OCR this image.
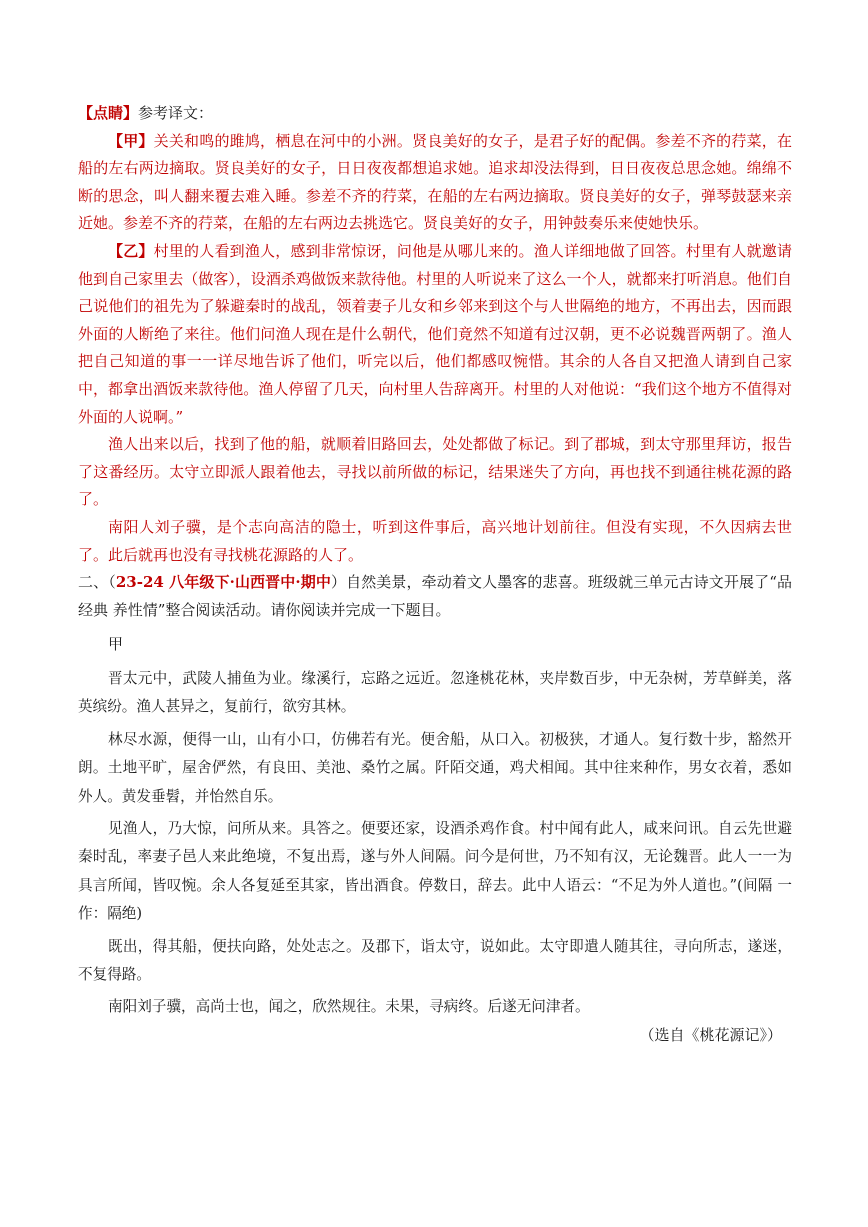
【点睛】参考译文：

【甲】关关和鸣的雎鸠，栖息在河中的小洲。贤良美好的女子，是君子好的配偶。参差不齐的荇菜，在船的左右两边摘取。贤良美好的女子，日日夜夜都想追求她。追求却没法得到，日日夜夜总思念她。绵绵不断的思念，叫人翻来覆去难入睡。参差不齐的荇菜，在船的左右两边摘取。贤良美好的女子，弹琴鼓瑟来亲近她。参差不齐的荇菜，在船的左右两边去挑选它。贤良美好的女子，用钟鼓奏乐来使她快乐。

【乙】村里的人看到渔人，感到非常惊讶，问他是从哪儿来的。渔人详细地做了回答。村里有人就邀请他到自己家里去（做客），设酒杀鸡做饭来款待他。村里的人听说来了这么一个人，就都来打听消息。他们自己说他们的祖先为了躲避秦时的战乱，领着妻子儿女和乡邻来到这个与人世隔绝的地方，不再出去，因而跟外面的人断绝了来往。他们问渔人现在是什么朝代，他们竟然不知道有过汉朝，更不必说魏晋两朝了。渔人把自己知道的事一一详尽地告诉了他们，听完以后，他们都感叹惋惜。其余的人各自又把渔人请到自己家中，都拿出酒饭来款待他。渔人停留了几天，向村里人告辞离开。村里的人对他说：“我们这个地方不值得对外面的人说啊。”

渔人出来以后，找到了他的船，就顺着旧路回去，处处都做了标记。到了郡城，到太守那里拜访，报告了这番经历。太守立即派人跟着他去，寻找以前所做的标记，结果迷失了方向，再也找不到通往桃花源的路了。

南阳人刘子骥，是个志向高洁的隐士，听到这件事后，高兴地计划前往。但没有实现，不久因病去世了。此后就再也没有寻找桃花源路的人了。

二、（23-24 八年级下·山西晋中·期中）自然美景，牵动着文人墨客的悲喜。班级就三单元古诗文开展了“品经典 养性情”整合阅读活动。请你阅读并完成一下题目。

甲

晋太元中，武陵人捕鱼为业。缘溪行，忘路之远近。忽逢桃花林，夹岸数百步，中无杂树，芳草鲜美，落英缤纷。渔人甚异之，复前行，欲穷其林。

林尽水源，便得一山，山有小口，仿佛若有光。便舍船，从口入。初极狭，才通人。复行数十步，豁然开朗。土地平旷，屋舍俨然，有良田、美池、桑竹之属。阡陌交通，鸡犬相闻。其中往来种作，男女衣着，悉如外人。黄发垂髫，并怡然自乐。

见渔人，乃大惊，问所从来。具答之。便要还家，设酒杀鸡作食。村中闻有此人，咸来问讯。自云先世避秦时乱，率妻子邑人来此绝境，不复出焉，遂与外人间隔。问今是何世，乃不知有汉，无论魏晋。此人一一为具言所闻，皆叹惋。余人各复延至其家，皆出酒食。停数日，辞去。此中人语云：“不足为外人道也。”(间隔 一作：隔绝)

既出，得其船，便扶向路，处处志之。及郡下，诣太守，说如此。太守即遣人随其往，寻向所志，遂迷，不复得路。

南阳刘子骥，高尚士也，闻之，欣然规往。未果，寻病终。后遂无问津者。

（选自《桃花源记》）
